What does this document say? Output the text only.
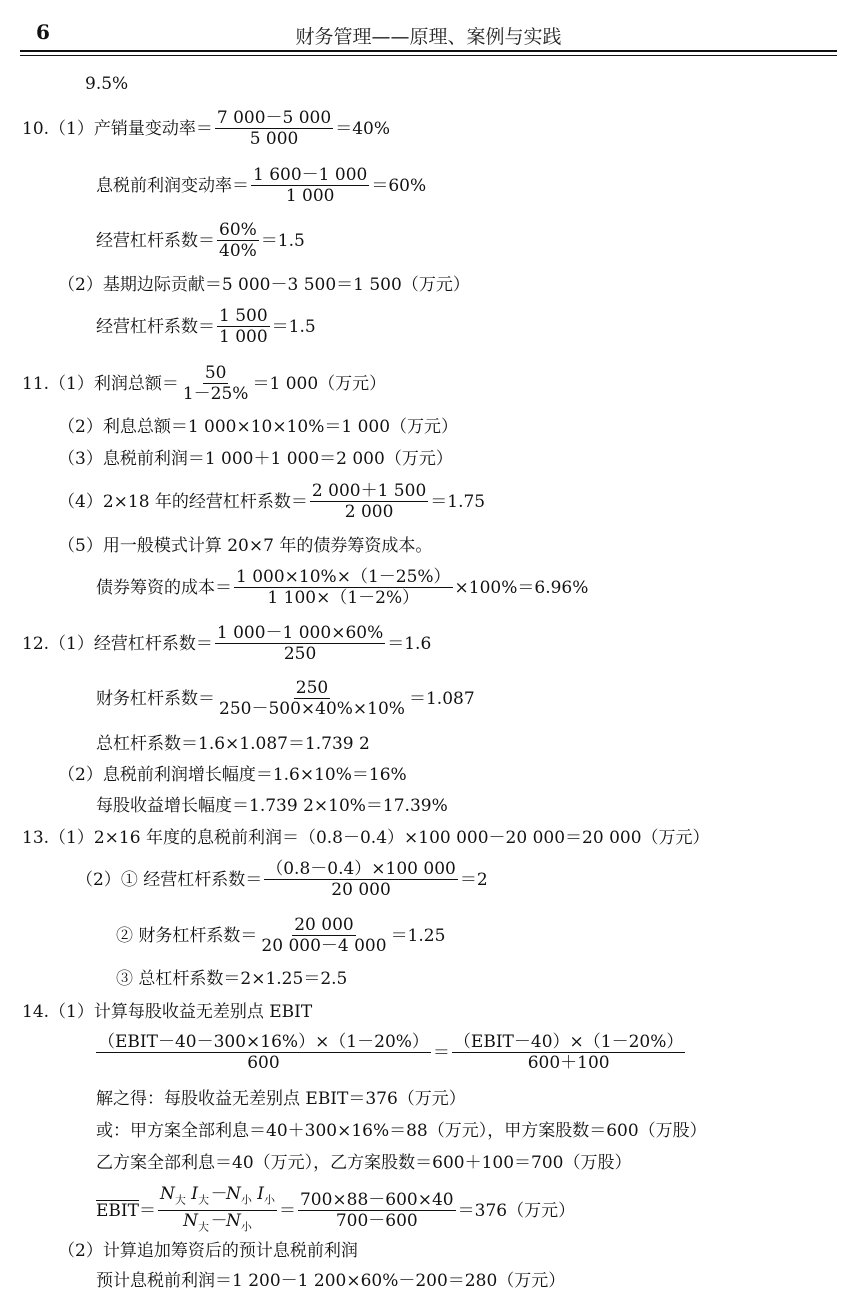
6	财务管理——原理、案例与实践
9.5%
10.（1）产销量变动率＝ $\frac{7 000-5 000}{5 000} =40\%$
息税前利润变动率＝ $\frac{1 600-1 000}{1 000} =60\%$
经营杠杆系数＝ $\frac{60\%}{40\%} =1.5$
（2）基期边际贡献＝5 000－3 500＝1 500（万元）
经营杠杆系数＝ $\frac{1 500}{1 000} =1.5$
11.（1）利润总额＝ $\frac{50}{1-25\%} =1$ 000（万元）
（2）利息总额＝1 000×10×10%＝1 000（万元）
（3）息税前利润＝1 000＋1 000＝2 000（万元）
（4）2×18 年的经营杠杆系数＝ $\frac{2 000+1 500}{2 000} =1.75$
（5）用一般模式计算 20×7 年的债券筹资成本。
债券筹资的成本＝ $\frac{1 000\times 10\%\times(1-25\%)}{1 100\times(1-2\%)} \times 100\%=6.96\%$
12.（1）经营杠杆系数＝ $\frac{1 000-1 000\times 60\%}{250} =1.6$
财务杠杆系数＝ $\frac{250}{250-500\times 40\%\times 10\%} =1.087$
总杠杆系数＝1.6×1.087＝1.739 2
（2）息税前利润增长幅度＝1.6×10%＝16%
每股收益增长幅度＝1.739 2×10%＝17.39%
13.（1）2×16 年度的息税前利润＝（0.8－0.4）×100 000－20 000＝20 000（万元）
（2）① 经营杠杆系数＝ $\frac{(0.8-0.4)\times 100 000}{20 000} =2$
② 财务杠杆系数＝ $\frac{20 000}{20 000-4 000} =1.25$
③ 总杠杆系数＝2×1.25＝2.5
14.（1）计算每股收益无差别点 EBIT
$\frac{\text{（EBIT－40－300×16\%）×（1－20\%）}}{600} = \frac{\text{（EBIT－40）×（1－20\%）}}{600+100}$
解之得：每股收益无差别点 EBIT＝376（万元）
或：甲方案全部利息＝40＋300×16%＝88（万元），甲方案股数＝600（万股）
乙方案全部利息＝40（万元），乙方案股数＝600＋100＝700（万股）
EBIT ＝ $\frac{N_大 I_大-N_小 I_小}{N_大-N_小} = \frac{700\times 88-600\times 40}{700-600} =376$（万元）
（2）计算追加筹资后的预计息税前利润
预计息税前利润＝1 200－1 200×60%－200＝280（万元）
